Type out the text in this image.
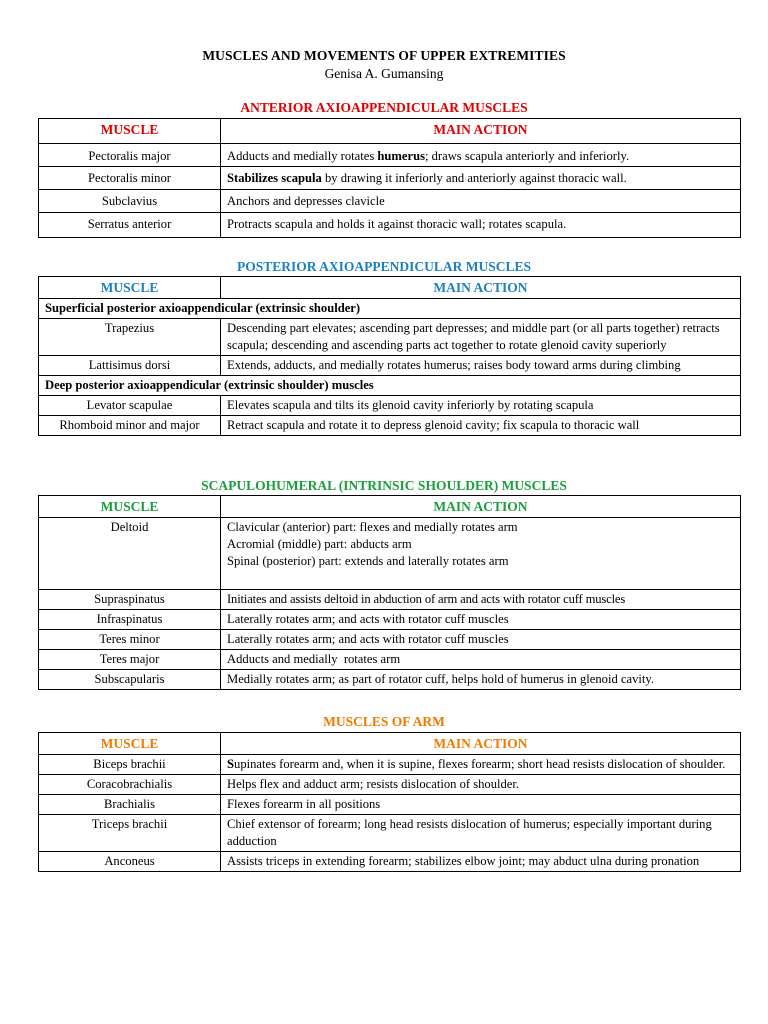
MUSCLES AND MOVEMENTS OF UPPER EXTREMITIES
Genisa A. Gumansing
ANTERIOR AXIOAPPENDICULAR MUSCLES
MUSCLE	MAIN ACTION
Pectoralis major	Adducts and medially rotates humerus; draws scapula anteriorly and inferiorly.
Pectoralis minor	Stabilizes scapula by drawing it inferiorly and anteriorly against thoracic wall.
Subclavius	Anchors and depresses clavicle
Serratus anterior	Protracts scapula and holds it against thoracic wall; rotates scapula.
POSTERIOR AXIOAPPENDICULAR MUSCLES
MUSCLE	MAIN ACTION
Superficial posterior axioappendicular (extrinsic shoulder)	
Trapezius	Descending part elevates; ascending part depresses; and middle part (or all parts together) retracts scapula; descending and ascending parts act together to rotate glenoid cavity superiorly
Lattisimus dorsi	Extends, adducts, and medially rotates humerus; raises body toward arms during climbing
Deep posterior axioappendicular (extrinsic shoulder) muscles	
Levator scapulae	Elevates scapula and tilts its glenoid cavity inferiorly by rotating scapula
Rhomboid minor and major	Retract scapula and rotate it to depress glenoid cavity; fix scapula to thoracic wall
SCAPULOHUMERAL (INTRINSIC SHOULDER) MUSCLES
MUSCLE	MAIN ACTION
Deltoid	Clavicular (anterior) part: flexes and medially rotates arm
Acromial (middle) part: abducts arm
Spinal (posterior) part: extends and laterally rotates arm

Supraspinatus	Initiates and assists deltoid in abduction of arm and acts with rotator cuff muscles
Infraspinatus	Laterally rotates arm; and acts with rotator cuff muscles
Teres minor	Laterally rotates arm; and acts with rotator cuff muscles
Teres major	Adducts and medially  rotates arm
Subscapularis	Medially rotates arm; as part of rotator cuff, helps hold of humerus in glenoid cavity.
MUSCLES OF ARM
MUSCLE	MAIN ACTION
Biceps brachii	Supinates forearm and, when it is supine, flexes forearm; short head resists dislocation of shoulder.
Coracobrachialis	Helps flex and adduct arm; resists dislocation of shoulder.
Brachialis	Flexes forearm in all positions
Triceps brachii	Chief extensor of forearm; long head resists dislocation of humerus; especially important during adduction
Anconeus	Assists triceps in extending forearm; stabilizes elbow joint; may abduct ulna during pronation
